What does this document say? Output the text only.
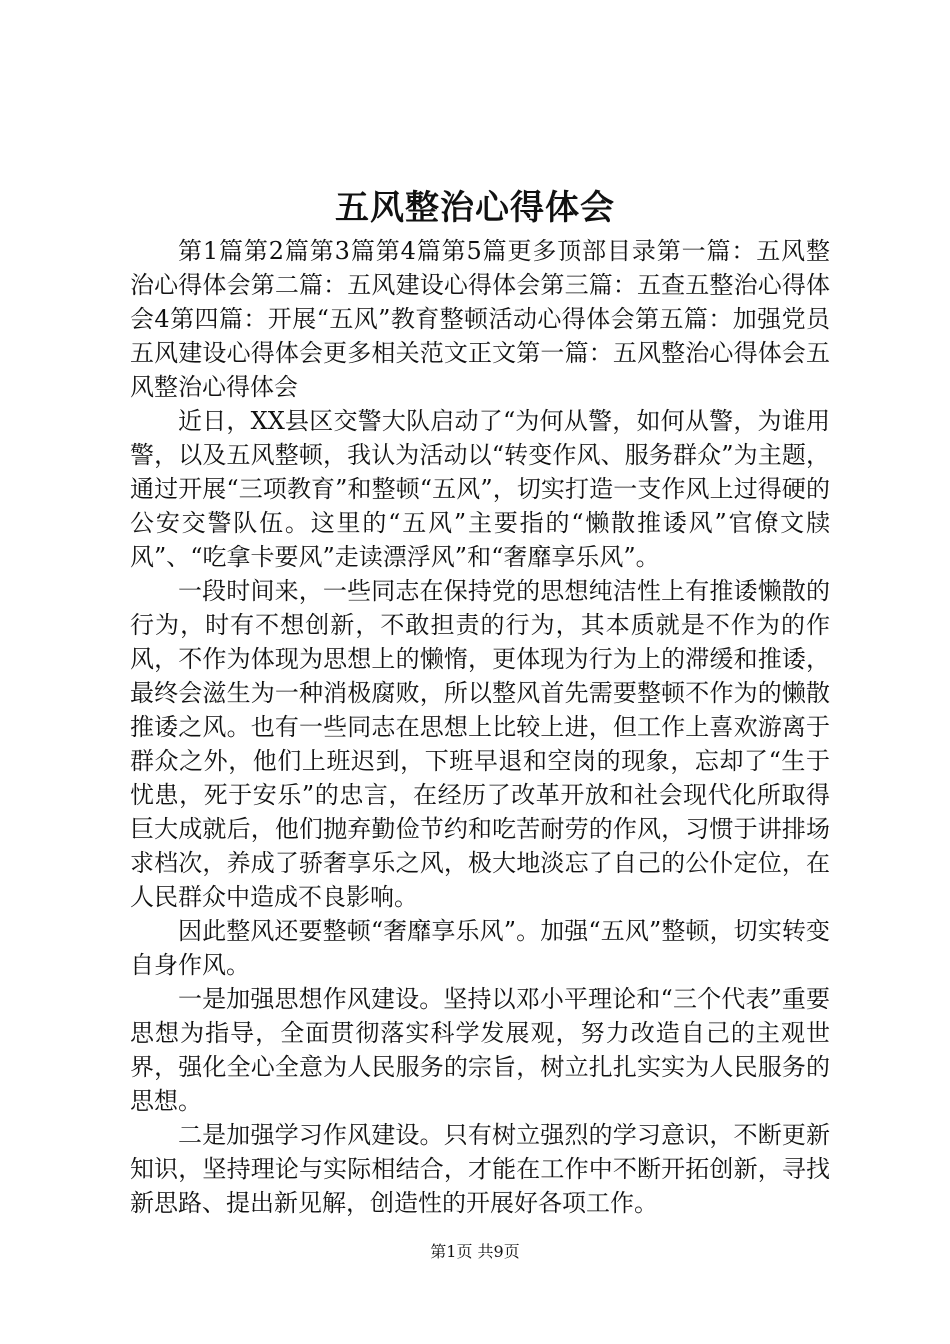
五风整治心得体会

第1篇第2篇第3篇第4篇第5篇更多顶部目录第一篇：五风整治心得体会第二篇：五风建设心得体会第三篇：五查五整治心得体会4第四篇：开展“五风”教育整顿活动心得体会第五篇：加强党员五风建设心得体会更多相关范文正文第一篇：五风整治心得体会五风整治心得体会

近日，XX县区交警大队启动了“为何从警，如何从警，为谁用警，以及五风整顿，我认为活动以“转变作风、服务群众”为主题，通过开展“三项教育”和整顿“五风”，切实打造一支作风上过得硬的公安交警队伍。这里的“五风”主要指的“懒散推诿风”官僚文牍风”、“吃拿卡要风”走读漂浮风”和“奢靡享乐风”。

一段时间来，一些同志在保持党的思想纯洁性上有推诿懒散的行为，时有不想创新，不敢担责的行为，其本质就是不作为的作风，不作为体现为思想上的懒惰，更体现为行为上的滞缓和推诿，最终会滋生为一种消极腐败，所以整风首先需要整顿不作为的懒散推诿之风。也有一些同志在思想上比较上进，但工作上喜欢游离于群众之外，他们上班迟到，下班早退和空岗的现象，忘却了“生于忧患，死于安乐”的忠言，在经历了改革开放和社会现代化所取得巨大成就后，他们抛弃勤俭节约和吃苦耐劳的作风，习惯于讲排场求档次，养成了骄奢享乐之风，极大地淡忘了自己的公仆定位，在人民群众中造成不良影响。

因此整风还要整顿“奢靡享乐风”。加强“五风”整顿，切实转变自身作风。

一是加强思想作风建设。坚持以邓小平理论和“三个代表”重要思想为指导，全面贯彻落实科学发展观，努力改造自己的主观世界，强化全心全意为人民服务的宗旨，树立扎扎实实为人民服务的思想。

二是加强学习作风建设。只有树立强烈的学习意识，不断更新知识，坚持理论与实际相结合，才能在工作中不断开拓创新，寻找新思路、提出新见解，创造性的开展好各项工作。

第1页 共9页
